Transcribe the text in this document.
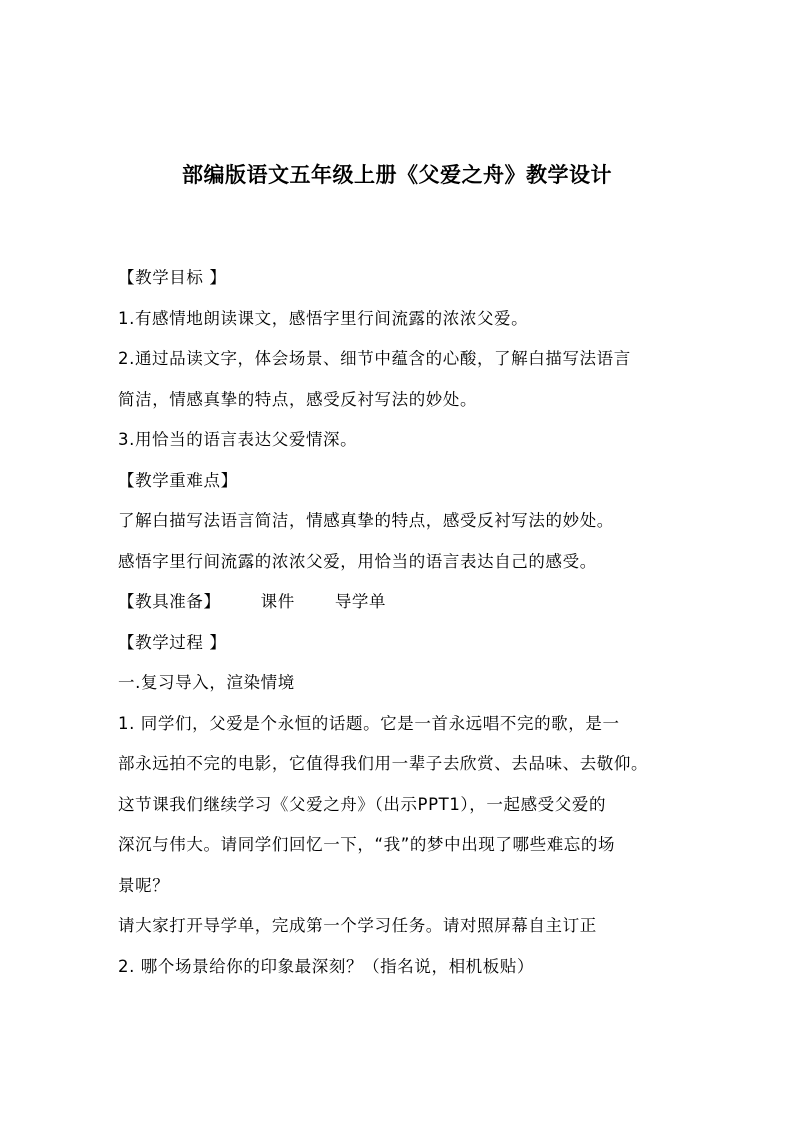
部编版语文五年级上册《父爱之舟》教学设计
【教学目标 】
1.有感情地朗读课文，感悟字里行间流露的浓浓父爱。
2.通过品读文字，体会场景、细节中蕴含的心酸，了解白描写法语言
简洁，情感真挚的特点，感受反衬写法的妙处。
3.用恰当的语言表达父爱情深。
【教学重难点】
了解白描写法语言简洁，情感真挚的特点，感受反衬写法的妙处。
感悟字里行间流露的浓浓父爱，用恰当的语言表达自己的感受。
【教具准备】 课件 导学单
【教学过程 】
一.复习导入，渲染情境
1. 同学们，父爱是个永恒的话题。它是一首永远唱不完的歌，是一
部永远拍不完的电影，它值得我们用一辈子去欣赏、去品味、去敬仰。
这节课我们继续学习《父爱之舟》（出示PPT1），一起感受父爱的
深沉与伟大。请同学们回忆一下，“我”的梦中出现了哪些难忘的场
景呢？
请大家打开导学单，完成第一个学习任务。请对照屏幕自主订正
2. 哪个场景给你的印象最深刻？（指名说，相机板贴）
